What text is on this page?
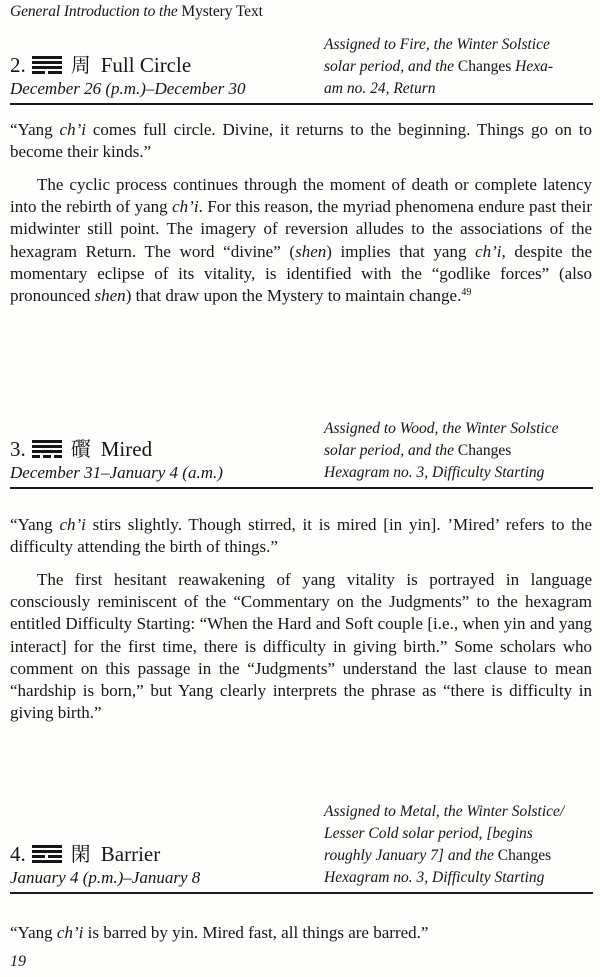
General Introduction to the Mystery Text
2. 周 Full Circle
December 26 (p.m.)–December 30
Assigned to Fire, the Winter Solstice
solar period, and the Changes Hexa-
am no. 24, Return

“Yang ch’i comes full circle. Divine, it returns to the beginning. Things go on to become their kinds.”

The cyclic process continues through the moment of death or complete latency into the rebirth of yang ch’i. For this reason, the myriad phenomena endure past their midwinter still point. The imagery of reversion alludes to the associations of the hexagram Return. The word “divine” (shen) implies that yang ch’i, despite the momentary eclipse of its vitality, is identified with the “godlike forces” (also pronounced shen) that draw upon the Mystery to maintain change.$^{49}$

3. 礥 Mired
December 31–January 4 (a.m.)
Assigned to Wood, the Winter Solstice
solar period, and the Changes
Hexagram no. 3, Difficulty Starting

“Yang ch’i stirs slightly. Though stirred, it is mired [in yin]. ’Mired’ refers to the difficulty attending the birth of things.”

The first hesitant reawakening of yang vitality is portrayed in language consciously reminiscent of the “Commentary on the Judgments” to the hexagram entitled Difficulty Starting: “When the Hard and Soft couple [i.e., when yin and yang interact] for the first time, there is difficulty in giving birth.” Some scholars who comment on this passage in the “Judgments” understand the last clause to mean “hardship is born,” but Yang clearly interprets the phrase as “there is difficulty in giving birth.”

4. 閑 Barrier
January 4 (p.m.)–January 8
Assigned to Metal, the Winter Solstice/
Lesser Cold solar period, [begins
roughly January 7] and the Changes
Hexagram no. 3, Difficulty Starting

“Yang ch’i is barred by yin. Mired fast, all things are barred.”

19
